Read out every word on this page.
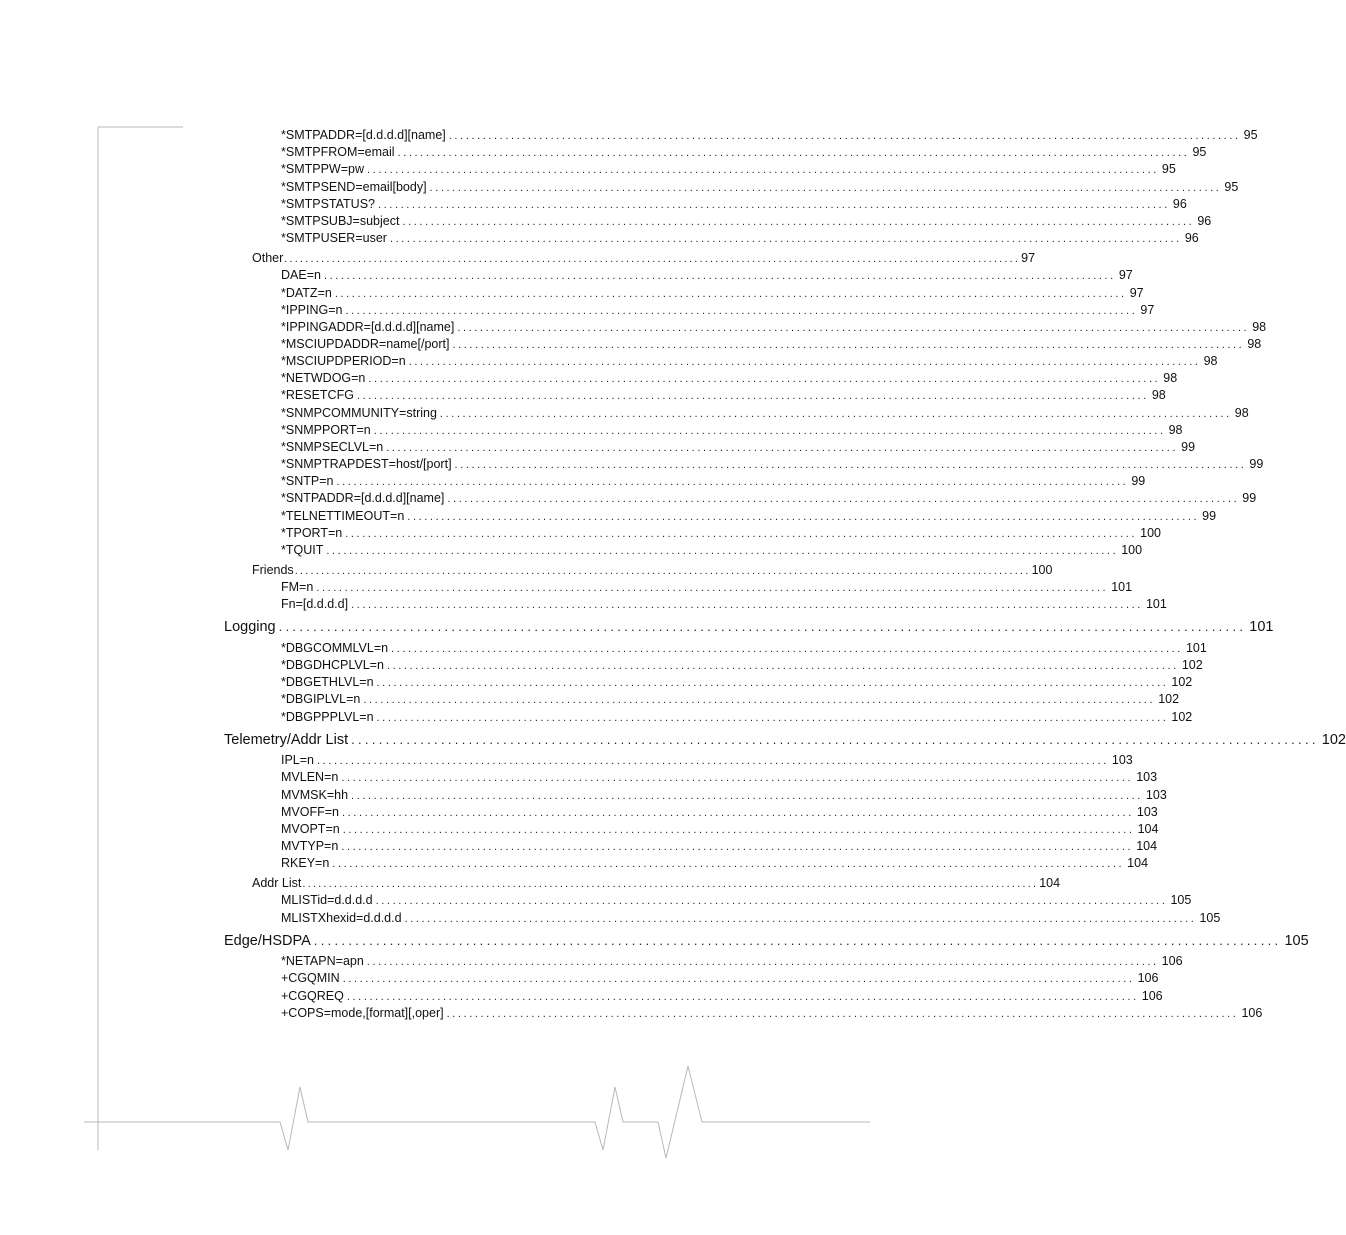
*SMTPADDR=[d.d.d.d][name] ............................................................................................................................................ 95
*SMTPFROM=email ............................................................................................................................................ 95
*SMTPPW=pw ............................................................................................................................................ 95
*SMTPSEND=email[body] ............................................................................................................................................ 95
*SMTPSTATUS? ............................................................................................................................................ 96
*SMTPSUBJ=subject ............................................................................................................................................ 96
*SMTPUSER=user ............................................................................................................................................ 96
Other ............................................................................................................................................ 97
DAE=n ............................................................................................................................................ 97
*DATZ=n ............................................................................................................................................ 97
*IPPING=n ............................................................................................................................................ 97
*IPPINGADDR=[d.d.d.d][name] ............................................................................................................................................ 98
*MSCIUPDADDR=name[/port] ............................................................................................................................................ 98
*MSCIUPDPERIOD=n ............................................................................................................................................ 98
*NETWDOG=n ............................................................................................................................................ 98
*RESETCFG ............................................................................................................................................ 98
*SNMPCOMMUNITY=string ............................................................................................................................................ 98
*SNMPPORT=n ............................................................................................................................................ 98
*SNMPSECLVL=n ............................................................................................................................................ 99
*SNMPTRAPDEST=host/[port] ............................................................................................................................................ 99
*SNTP=n ............................................................................................................................................ 99
*SNTPADDR=[d.d.d.d][name] ............................................................................................................................................ 99
*TELNETTIMEOUT=n ............................................................................................................................................ 99
*TPORT=n ............................................................................................................................................ 100
*TQUIT ............................................................................................................................................ 100
Friends ............................................................................................................................................ 100
FM=n ............................................................................................................................................ 101
Fn=[d.d.d.d] ............................................................................................................................................ 101
Logging ............................................................................................................................................ 101
*DBGCOMMLVL=n ............................................................................................................................................ 101
*DBGDHCPLVL=n ............................................................................................................................................ 102
*DBGETHLVL=n ............................................................................................................................................ 102
*DBGIPLVL=n ............................................................................................................................................ 102
*DBGPPPLVL=n ............................................................................................................................................ 102
Telemetry/Addr List ............................................................................................................................................ 102
IPL=n ............................................................................................................................................ 103
MVLEN=n ............................................................................................................................................ 103
MVMSK=hh ............................................................................................................................................ 103
MVOFF=n ............................................................................................................................................ 103
MVOPT=n ............................................................................................................................................ 104
MVTYP=n ............................................................................................................................................ 104
RKEY=n ............................................................................................................................................ 104
Addr List ............................................................................................................................................ 104
MLISTid=d.d.d.d ............................................................................................................................................ 105
MLISTXhexid=d.d.d.d ............................................................................................................................................ 105
Edge/HSDPA ............................................................................................................................................ 105
*NETAPN=apn ............................................................................................................................................ 106
+CGQMIN ............................................................................................................................................ 106
+CGQREQ ............................................................................................................................................ 106
+COPS=mode,[format][,oper] ............................................................................................................................................ 106
